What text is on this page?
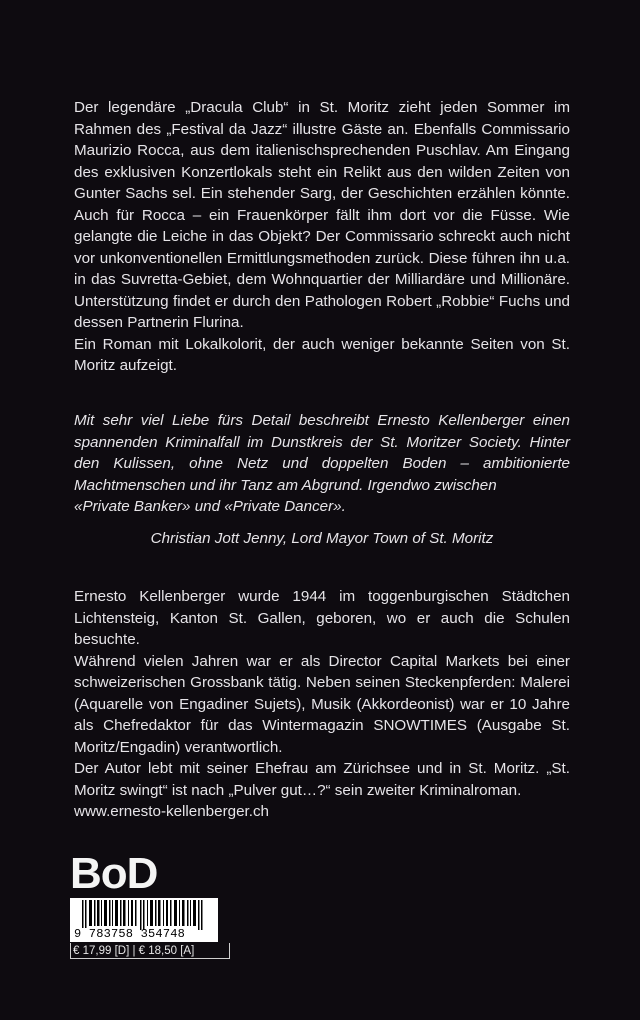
Der legendäre „Dracula Club“ in St. Moritz zieht jeden Sommer im Rahmen des „Festival da Jazz“ illustre Gäste an. Ebenfalls Commissario Maurizio Rocca, aus dem italienischsprechenden Puschlav. Am Eingang des exklusiven Konzertlokals steht ein Relikt aus den wilden Zeiten von Gunter Sachs sel. Ein stehender Sarg, der Geschichten erzählen könnte. Auch für Rocca – ein Frauenkörper fällt ihm dort vor die Füsse. Wie gelangte die Leiche in das Objekt? Der Commissario schreckt auch nicht vor unkonventionellen Ermittlungsmethoden zurück. Diese führen ihn u.a. in das Suvretta-Gebiet, dem Wohnquartier der Milliardäre und Millionäre. Unterstützung findet er durch den Pathologen Robert „Robbie“ Fuchs und dessen Partnerin Flurina.

Ein Roman mit Lokalkolorit, der auch weniger bekannte Seiten von St. Moritz aufzeigt.

Mit sehr viel Liebe fürs Detail beschreibt Ernesto Kellenberger einen spannenden Kriminalfall im Dunstkreis der St. Moritzer Society. Hinter den Kulissen, ohne Netz und doppelten Boden – ambitionierte Machtmenschen und ihr Tanz am Abgrund. Irgendwo zwischen

«Private Banker» und «Private Dancer».

Christian Jott Jenny, Lord Mayor Town of St. Moritz

Ernesto Kellenberger wurde 1944 im toggenburgischen Städtchen Lichtensteig, Kanton St. Gallen, geboren, wo er auch die Schulen besuchte.

Während vielen Jahren war er als Director Capital Markets bei einer schweizerischen Grossbank tätig. Neben seinen Steckenpferden: Malerei (Aquarelle von Engadiner Sujets), Musik (Akkordeonist) war er 10 Jahre als Chefredaktor für das Wintermagazin SNOWTIMES (Ausgabe St. Moritz/Engadin) verantwortlich.

Der Autor lebt mit seiner Ehefrau am Zürichsee und in St. Moritz. „St. Moritz swingt“ ist nach „Pulver gut…?“ sein zweiter Kriminalroman.

www.ernesto-kellenberger.ch

BoD
9 783758 354748
€ 17,99 [D] | € 18,50 [A]
